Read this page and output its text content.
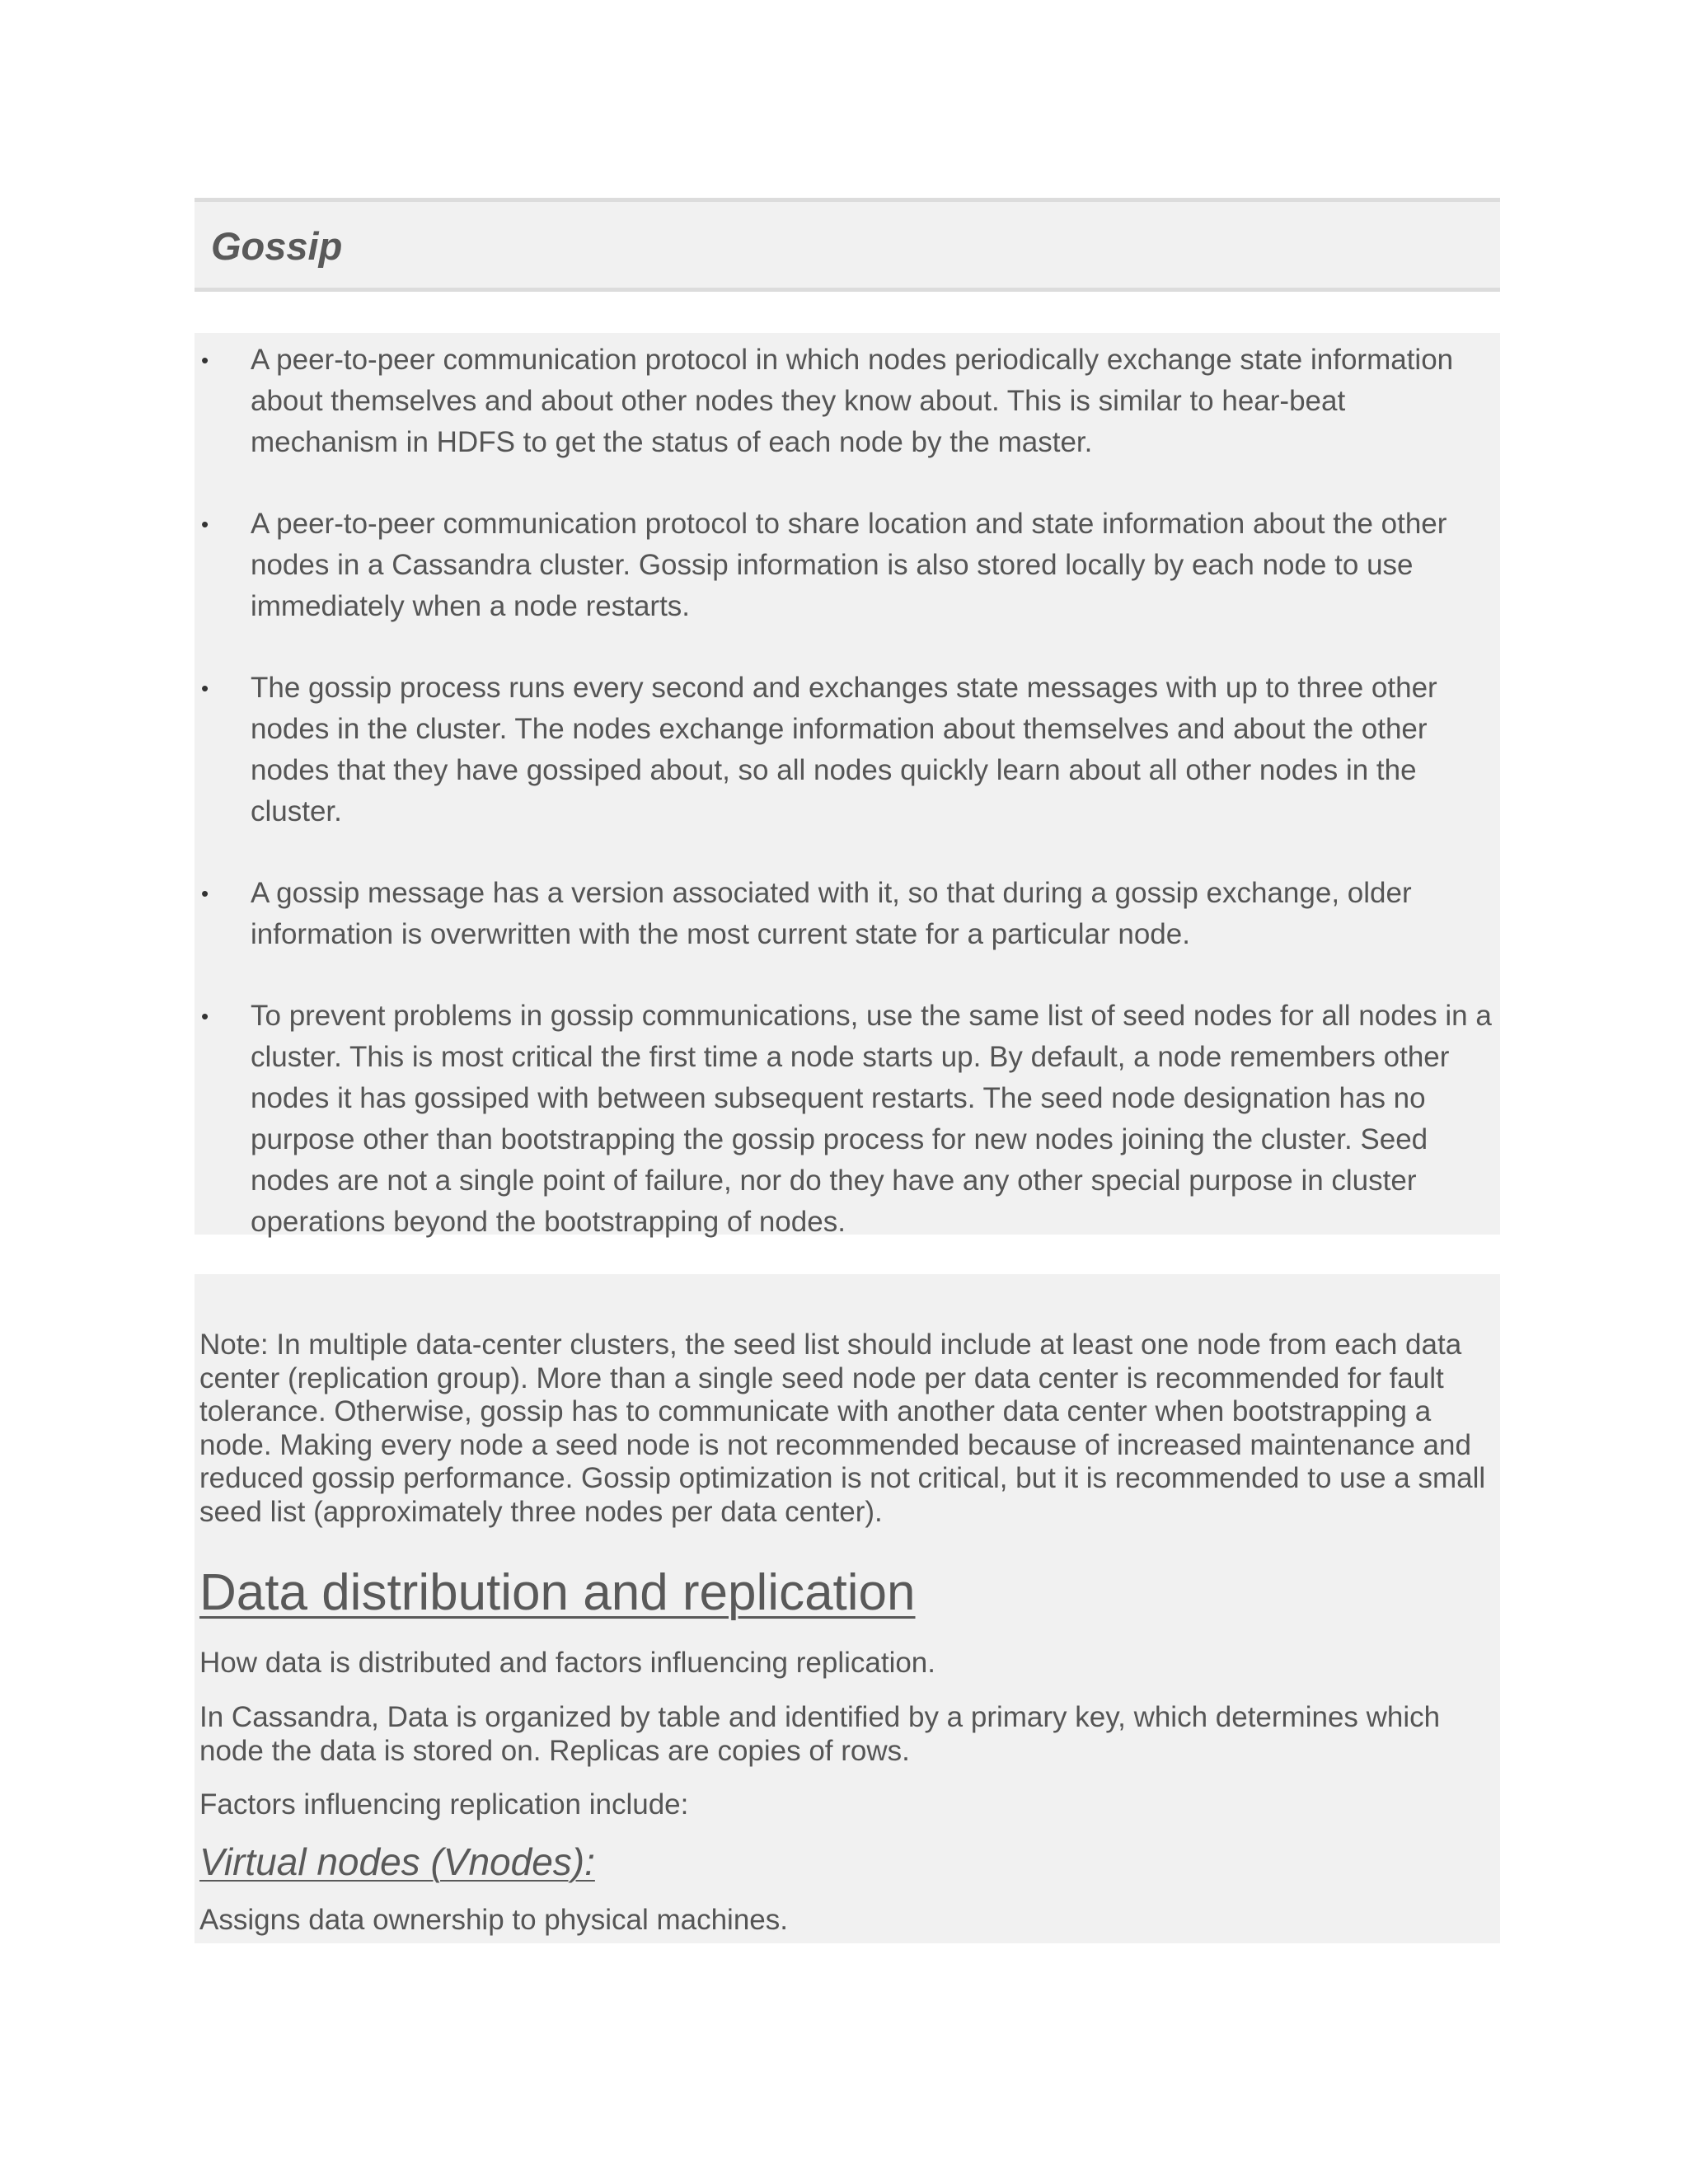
Gossip
• A peer-to-peer communication protocol in which nodes periodically exchange state information about themselves and about other nodes they know about. This is similar to hear-beat mechanism in HDFS to get the status of each node by the master.
• A peer-to-peer communication protocol to share location and state information about the other nodes in a Cassandra cluster. Gossip information is also stored locally by each node to use immediately when a node restarts.
• The gossip process runs every second and exchanges state messages with up to three other nodes in the cluster. The nodes exchange information about themselves and about the other nodes that they have gossiped about, so all nodes quickly learn about all other nodes in the cluster.
• A gossip message has a version associated with it, so that during a gossip exchange, older information is overwritten with the most current state for a particular node.
• To prevent problems in gossip communications, use the same list of seed nodes for all nodes in a cluster. This is most critical the first time a node starts up. By default, a node remembers other nodes it has gossiped with between subsequent restarts. The seed node designation has no purpose other than bootstrapping the gossip process for new nodes joining the cluster. Seed nodes are not a single point of failure, nor do they have any other special purpose in cluster operations beyond the bootstrapping of nodes.

Note: In multiple data-center clusters, the seed list should include at least one node from each data center (replication group). More than a single seed node per data center is recommended for fault tolerance. Otherwise, gossip has to communicate with another data center when bootstrapping a node. Making every node a seed node is not recommended because of increased maintenance and reduced gossip performance. Gossip optimization is not critical, but it is recommended to use a small seed list (approximately three nodes per data center).

Data distribution and replication

How data is distributed and factors influencing replication.

In Cassandra, Data is organized by table and identified by a primary key, which determines which node the data is stored on. Replicas are copies of rows.

Factors influencing replication include:

Virtual nodes (Vnodes):

Assigns data ownership to physical machines.
